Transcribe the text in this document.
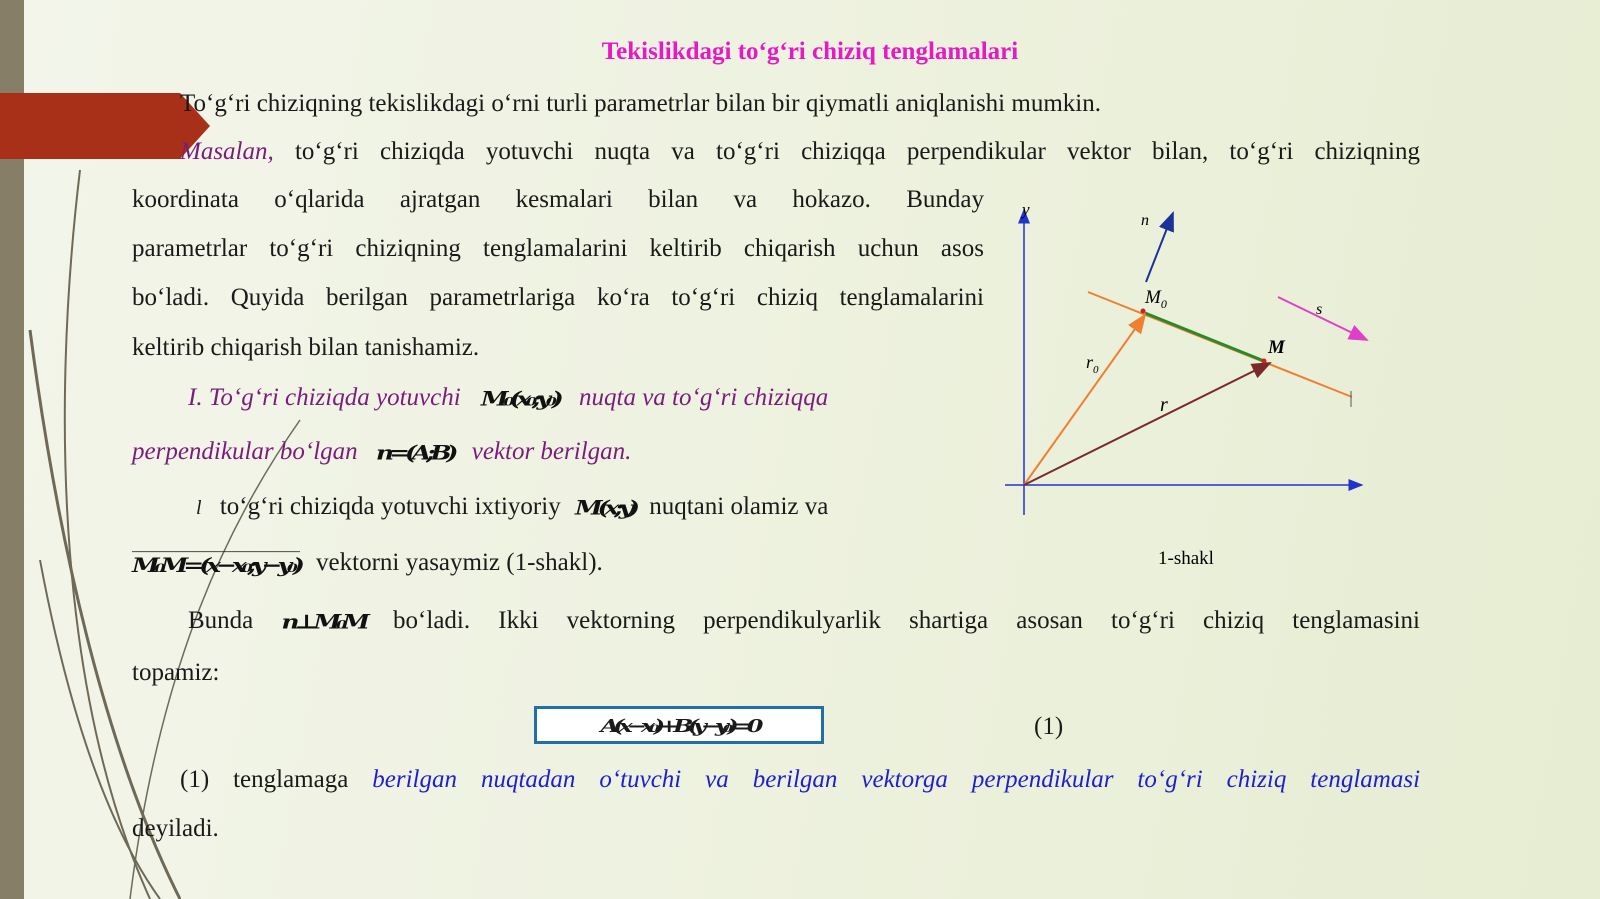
Tekislikdagi to‘g‘ri chiziq tenglamalari
To‘g‘ri chiziqning tekislikdagi o‘rni turli parametrlar bilan bir qiymatli aniqlanishi mumkin.
Masalan, to‘g‘ri chiziqda yotuvchi nuqta va to‘g‘ri chiziqqa perpendikular vektor bilan, to‘g‘ri chiziqning
koordinata o‘qlarida ajratgan kesmalari bilan va hokazo. Bunday
parametrlar to‘g‘ri chiziqning tenglamalarini keltirib chiqarish uchun asos
bo‘ladi. Quyida berilgan parametrlariga ko‘ra to‘g‘ri chiziq tenglamalarini
keltirib chiqarish bilan tanishamiz.
I. To‘g‘ri chiziqda yotuvchi M₀(x₀;y₀) nuqta va to‘g‘ri chiziqqa
perpendikular bo‘lgan n=(A;B) vektor berilgan.
l to‘g‘ri chiziqda yotuvchi ixtiyoriy M(x;y) nuqtani olamiz va
M₀M=(x−x₀;y−y₀) vektorni yasaymiz (1-shakl).
Bunda n⊥M₀M bo‘ladi. Ikki vektorning perpendikulyarlik shartiga asosan to‘g‘ri chiziq tenglamasini
topamiz:
A(x−x₀)+B(y−y₀)=0	(1)
(1) tenglamaga berilgan nuqtadan o‘tuvchi va berilgan vektorga perpendikular to‘g‘ri chiziq tenglamasi
deyiladi.
y
n
$M_0$	s
M
$r_0$
r
1-shakl
